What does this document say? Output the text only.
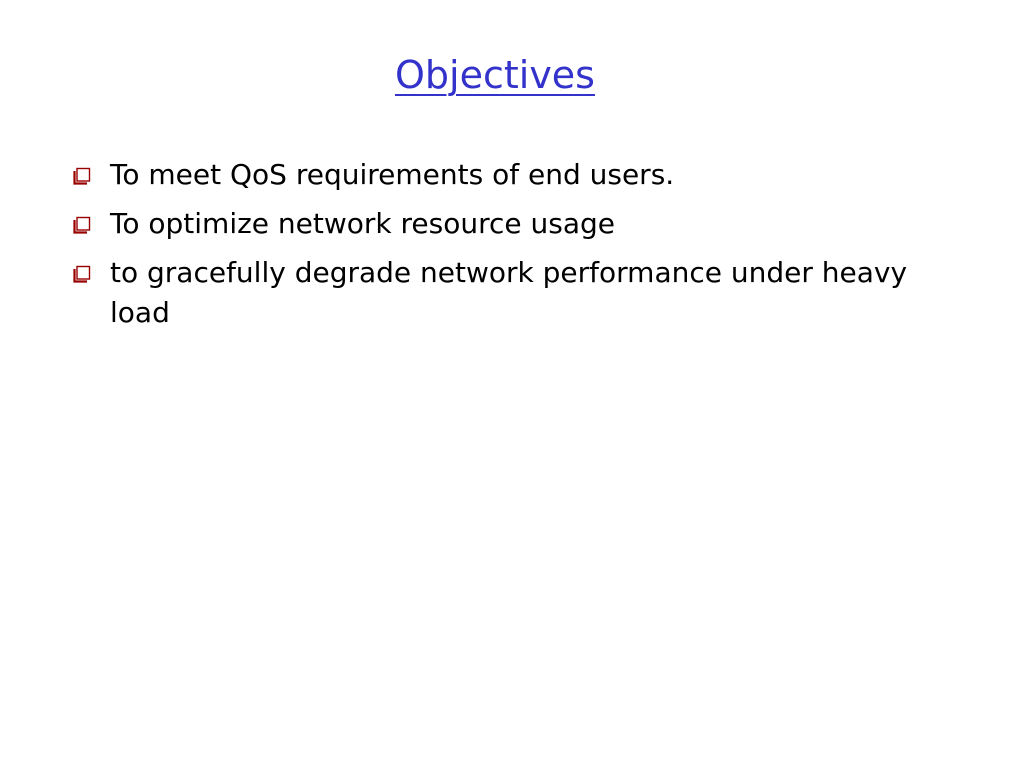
Objectives
To meet QoS requirements of end users.
To optimize network resource usage
to gracefully degrade network performance under heavy load
